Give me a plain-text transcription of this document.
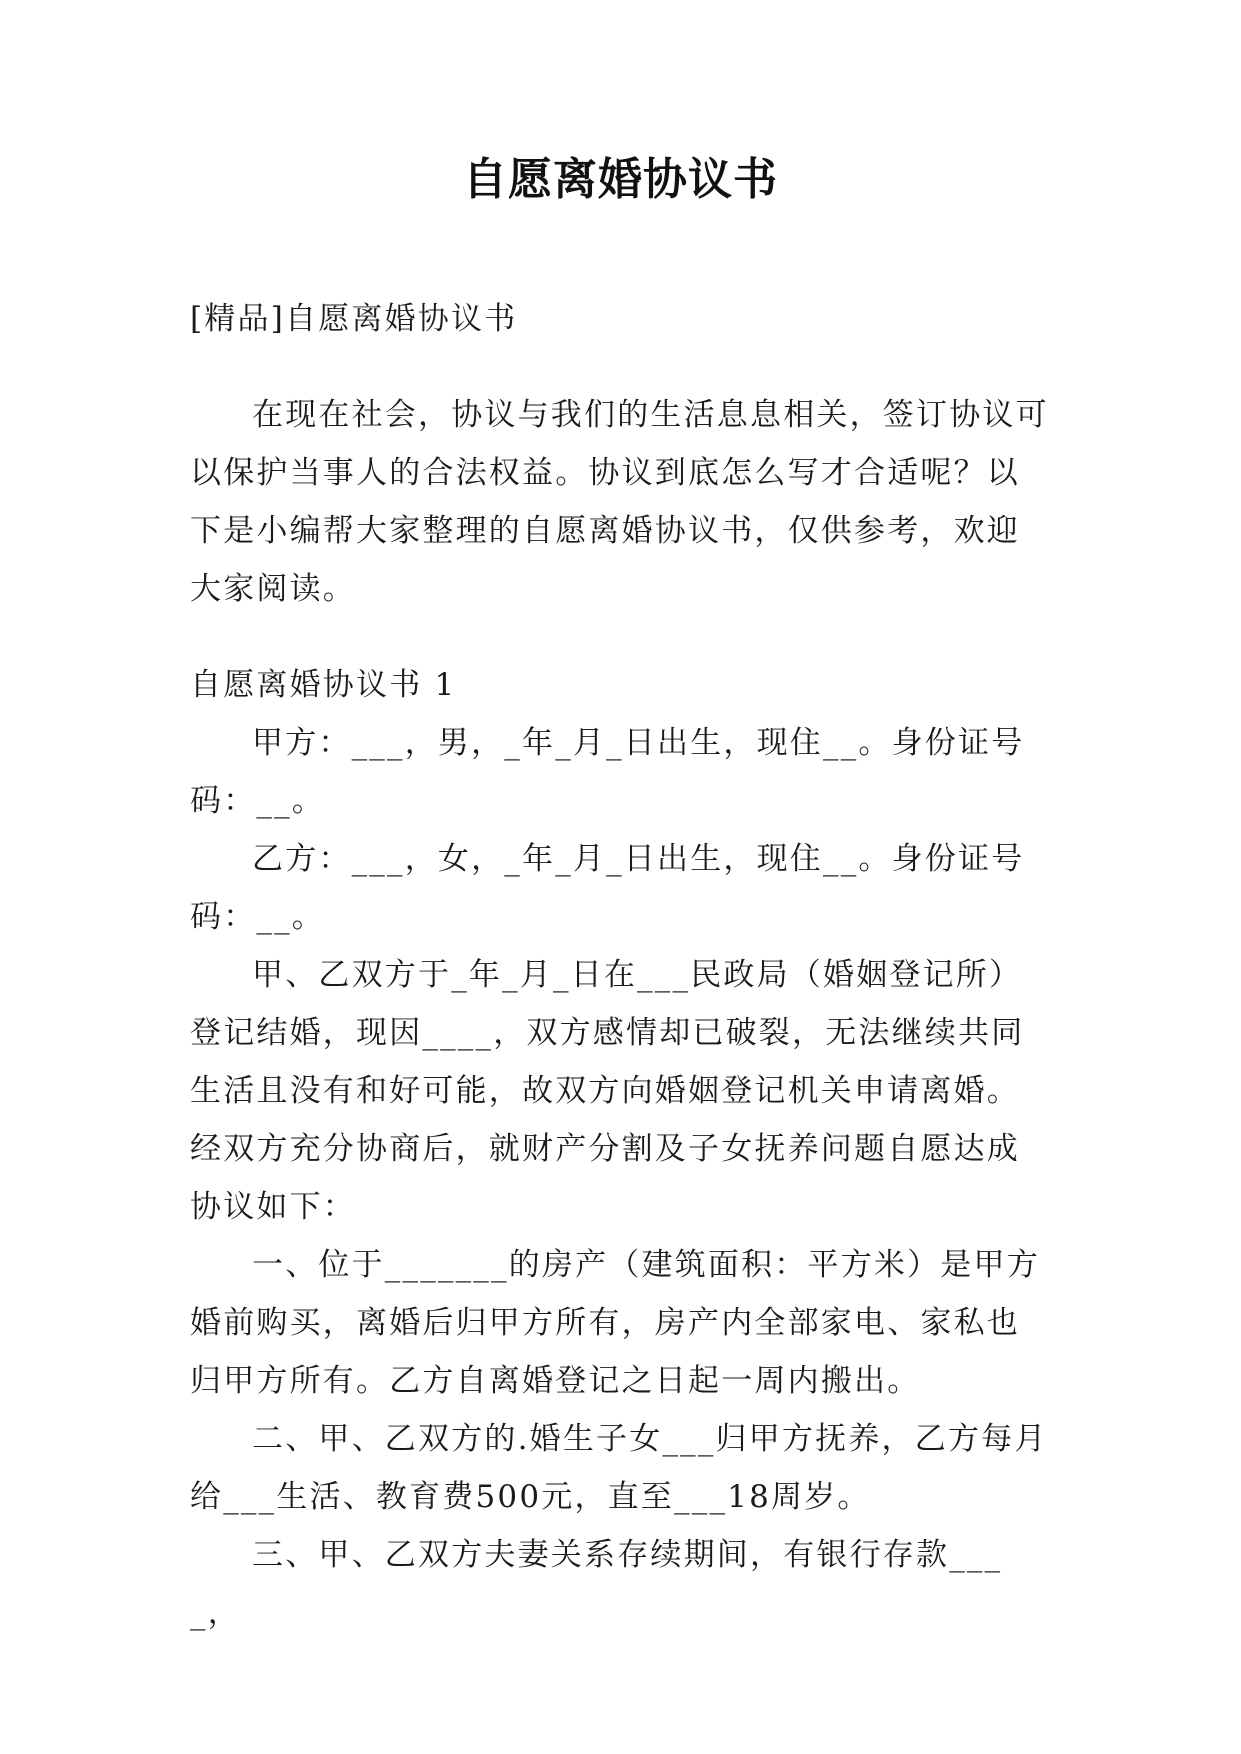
自愿离婚协议书

[精品]自愿离婚协议书

在现在社会，协议与我们的生活息息相关，签订协议可以保护当事人的合法权益。协议到底怎么写才合适呢？以下是小编帮大家整理的自愿离婚协议书，仅供参考，欢迎大家阅读。

自愿离婚协议书 1

甲方：___，男，_年_月_日出生，现住__。身份证号码：__。

乙方：___，女，_年_月_日出生，现住__。身份证号码：__。

甲、乙双方于_年_月_日在___民政局（婚姻登记所）登记结婚，现因____，双方感情却已破裂，无法继续共同生活且没有和好可能，故双方向婚姻登记机关申请离婚。经双方充分协商后，就财产分割及子女抚养问题自愿达成协议如下：

一、位于_______的房产（建筑面积：平方米）是甲方婚前购买，离婚后归甲方所有，房产内全部家电、家私也归甲方所有。乙方自离婚登记之日起一周内搬出。

二、甲、乙双方的.婚生子女___归甲方抚养，乙方每月给___生活、教育费500元，直至___18周岁。

三、甲、乙双方夫妻关系存续期间，有银行存款____，
